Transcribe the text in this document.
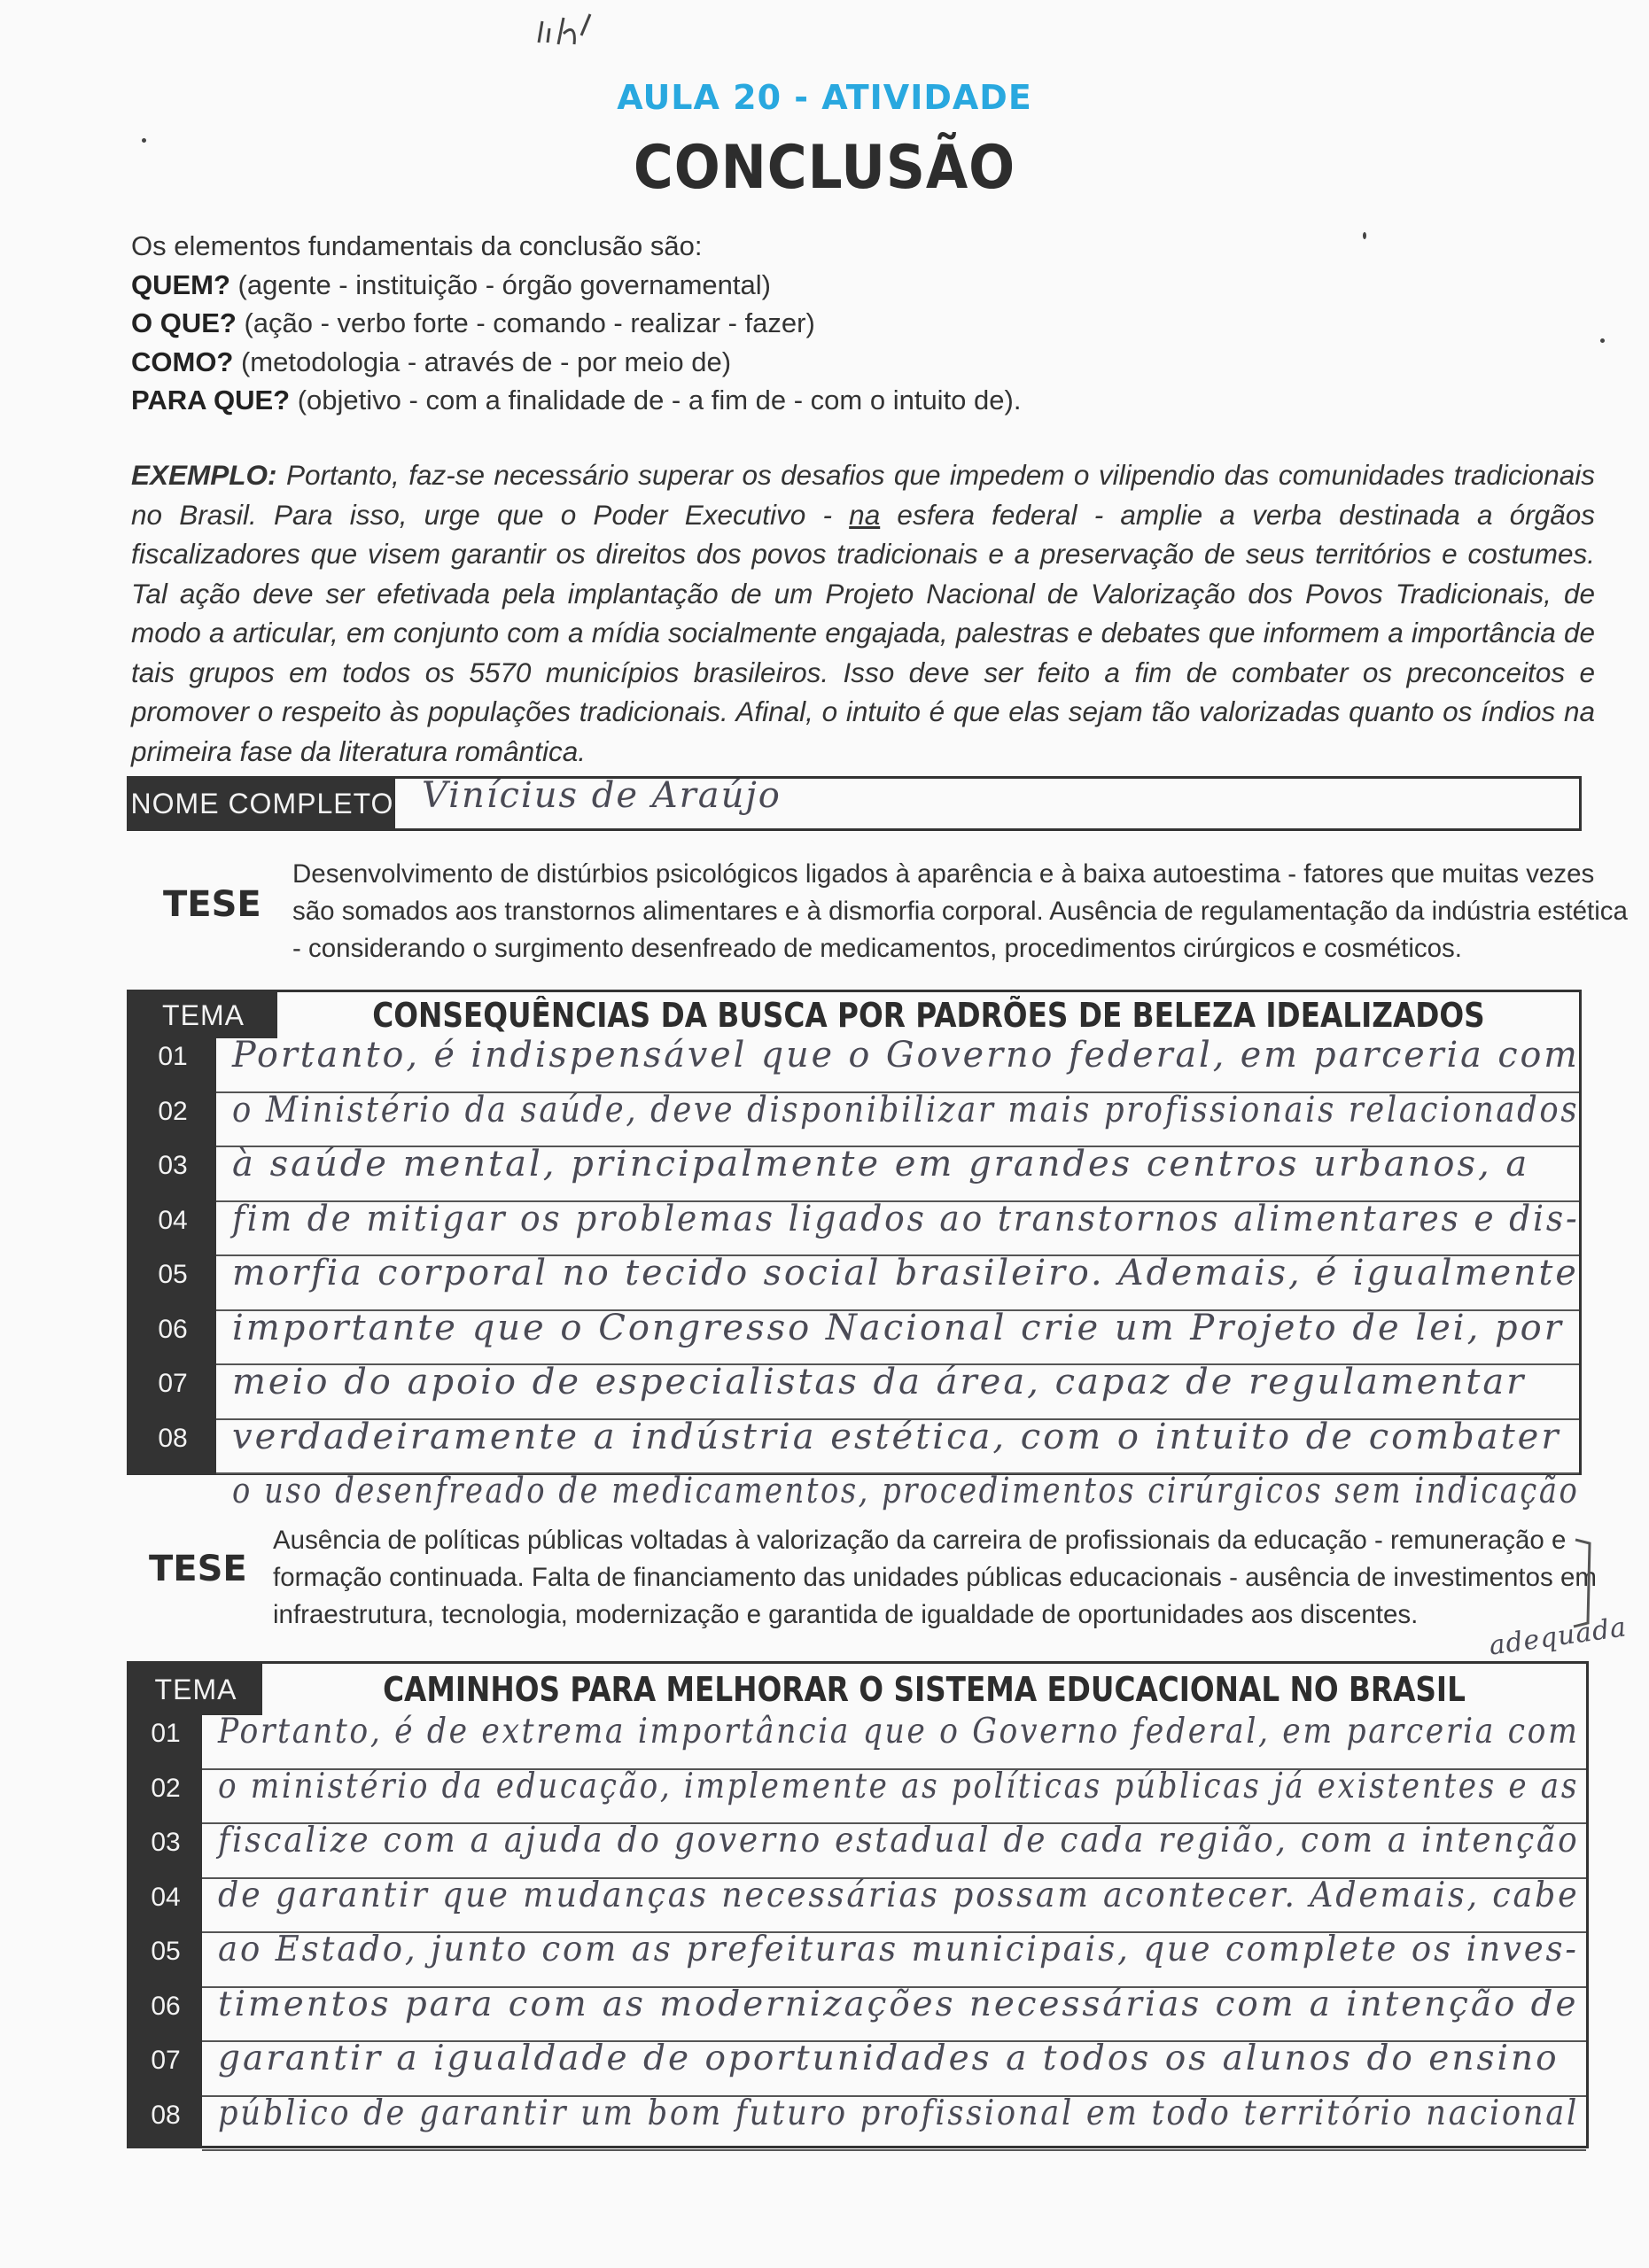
AULA 20 - ATIVIDADE
CONCLUSÃO
Os elementos fundamentais da conclusão são:
QUEM? (agente - instituição - órgão governamental)
O QUE? (ação - verbo forte - comando - realizar - fazer)
COMO? (metodologia - através de - por meio de)
PARA QUE? (objetivo - com a finalidade de - a fim de - com o intuito de).
EXEMPLO: Portanto, faz-se necessário superar os desafios que impedem o vilipendio das comunidades tradicionais no Brasil. Para isso, urge que o Poder Executivo - na esfera federal - amplie a verba destinada a órgãos fiscalizadores que visem garantir os direitos dos povos tradicionais e a preservação de seus territórios e costumes. Tal ação deve ser efetivada pela implantação de um Projeto Nacional de Valorização dos Povos Tradicionais, de modo a articular, em conjunto com a mídia socialmente engajada, palestras e debates que informem a importância de tais grupos em todos os 5570 municípios brasileiros. Isso deve ser feito a fim de combater os preconceitos e promover o respeito às populações tradicionais. Afinal, o intuito é que elas sejam tão valorizadas quanto os índios na primeira fase da literatura romântica.
NOME COMPLETO Vinícius de Araújo
TESE
Desenvolvimento de distúrbios psicológicos ligados à aparência e à baixa autoestima - fatores que muitas vezes
são somados aos transtornos alimentares e à dismorfia corporal. Ausência de regulamentação da indústria estética
- considerando o surgimento desenfreado de medicamentos, procedimentos cirúrgicos e cosméticos.
TEMA	CONSEQUÊNCIAS DA BUSCA POR PADRÕES DE BELEZA IDEALIZADOS
TESE
Ausência de políticas públicas voltadas à valorização da carreira de profissionais da educação - remuneração e
formação continuada. Falta de financiamento das unidades públicas educacionais - ausência de investimentos em
infraestrutura, tecnologia, modernização e garantida de igualdade de oportunidades aos discentes.
TEMA	CAMINHOS PARA MELHORAR O SISTEMA EDUCACIONAL NO BRASIL
01
02
03
04
05
06
07
08
Portanto, é indispensável que o Governo federal, em parceria com
o Ministério da saúde, deve disponibilizar mais profissionais relacionados
à saúde mental, principalmente em grandes centros urbanos, a
fim de mitigar os problemas ligados ao transtornos alimentares e dis-
morfia corporal no tecido social brasileiro. Ademais, é igualmente
importante que o Congresso Nacional crie um Projeto de lei, por
meio do apoio de especialistas da área, capaz de regulamentar
verdadeiramente a indústria estética, com o intuito de combater
o uso desenfreado de medicamentos, procedimentos cirúrgicos sem indicação
01
02
03
04
05
06
07
08
Portanto, é de extrema importância que o Governo federal, em parceria com
o ministério da educação, implemente as políticas públicas já existentes e as
fiscalize com a ajuda do governo estadual de cada região, com a intenção
de garantir que mudanças necessárias possam acontecer. Ademais, cabe
ao Estado, junto com as prefeituras municipais, que complete os inves-
timentos para com as modernizações necessárias com a intenção de
garantir a igualdade de oportunidades a todos os alunos do ensino
público de garantir um bom futuro profissional em todo território nacional
adequada
